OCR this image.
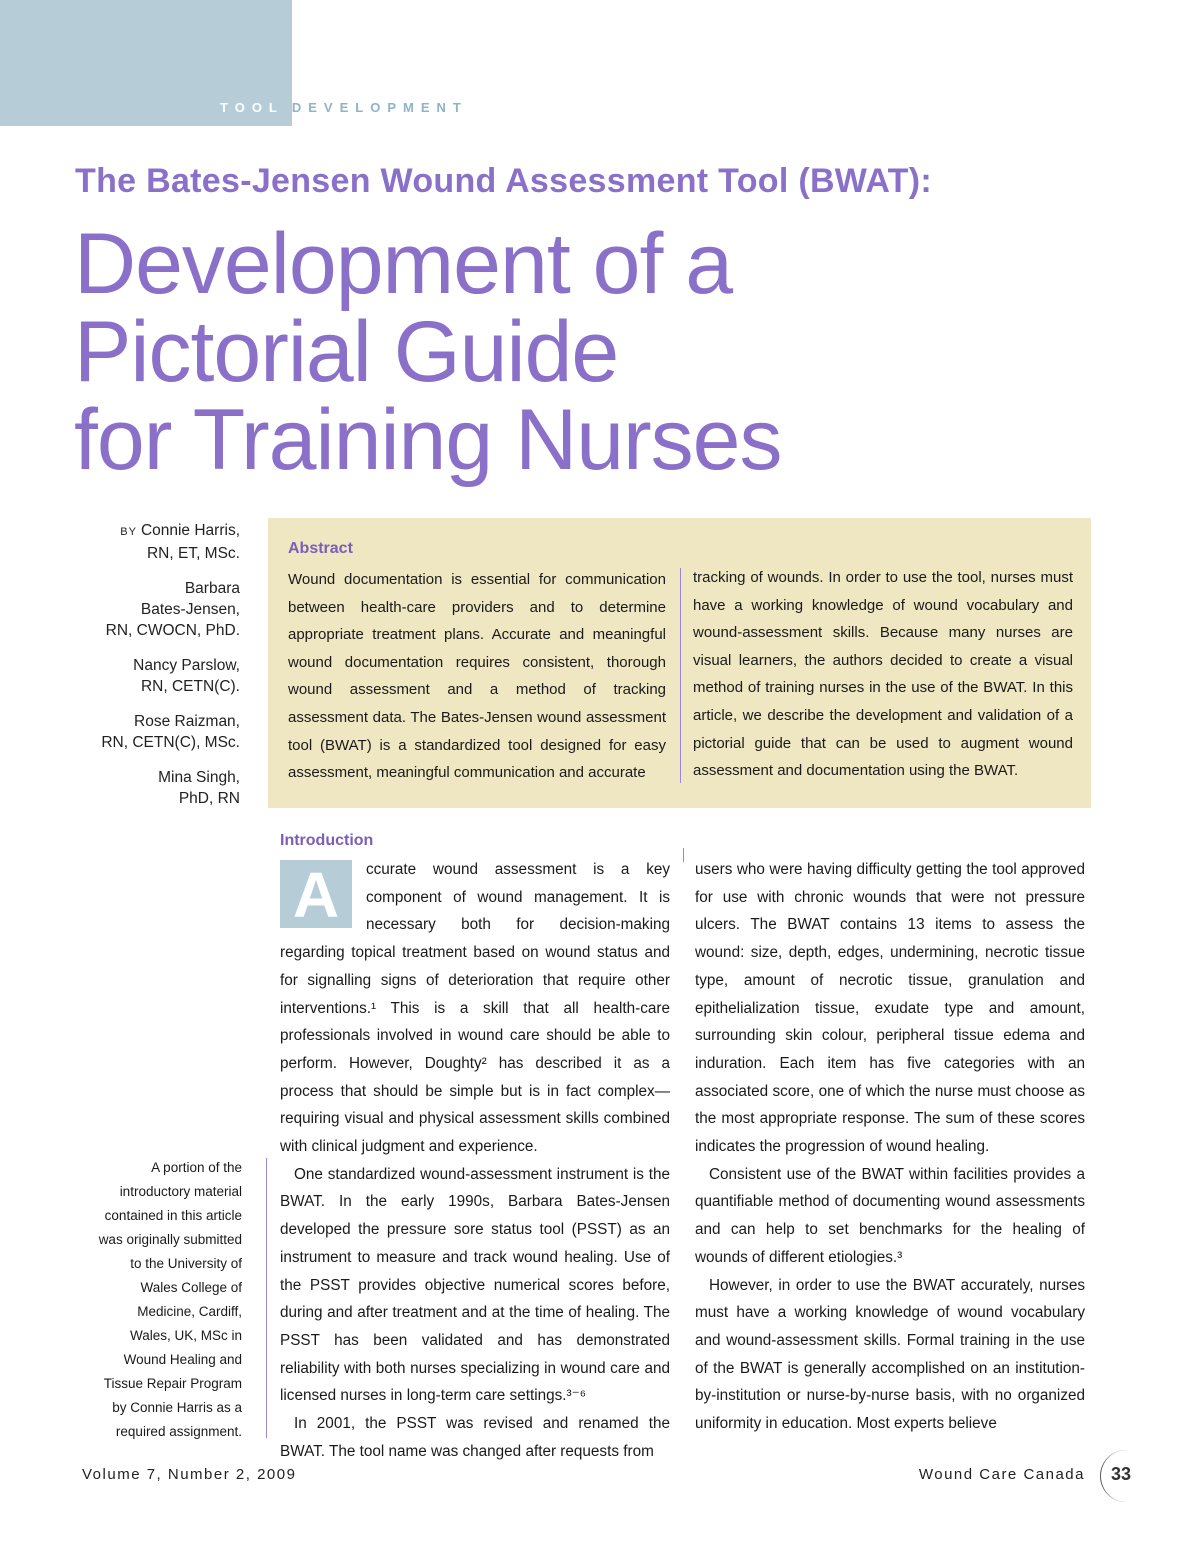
TOOL DEVELOPMENT
The Bates-Jensen Wound Assessment Tool (BWAT):
Development of a
Pictorial Guide
for Training Nurses
BY Connie Harris,
RN, ET, MSc.
Barbara
Bates-Jensen,
RN, CWOCN, PhD.
Nancy Parslow,
RN, CETN(C).
Rose Raizman,
RN, CETN(C), MSc.
Mina Singh,
PhD, RN
Abstract
Wound documentation is essential for communication between health-care providers and to determine appropriate treatment plans. Accurate and meaningful wound documentation requires consistent, thorough wound assessment and a method of tracking assessment data. The Bates-Jensen wound assessment tool (BWAT) is a standardized tool designed for easy assessment, meaningful communication and accurate
tracking of wounds. In order to use the tool, nurses must have a working knowledge of wound vocabulary and wound-assessment skills. Because many nurses are visual learners, the authors decided to create a visual method of training nurses in the use of the BWAT. In this article, we describe the development and validation of a pictorial guide that can be used to augment wound assessment and documentation using the BWAT.
Introduction
A	ccurate wound assessment is a key component of wound management. It is necessary both for decision-making regarding topical treatment based on wound status and for signalling signs of deterioration that require other interventions.¹ This is a skill that all health-care professionals involved in wound care should be able to perform. However, Doughty² has described it as a process that should be simple but is in fact complex—requiring visual and physical assessment skills combined with clinical judgment and experience.

One standardized wound-assessment instrument is the BWAT. In the early 1990s, Barbara Bates-Jensen developed the pressure sore status tool (PSST) as an instrument to measure and track wound healing. Use of the PSST provides objective numerical scores before, during and after treatment and at the time of healing. The PSST has been validated and has demonstrated reliability with both nurses specializing in wound care and licensed nurses in long-term care settings.³⁻⁶

In 2001, the PSST was revised and renamed the BWAT. The tool name was changed after requests from

users who were having difficulty getting the tool approved for use with chronic wounds that were not pressure ulcers. The BWAT contains 13 items to assess the wound: size, depth, edges, undermining, necrotic tissue type, amount of necrotic tissue, granulation and epithelialization tissue, exudate type and amount, surrounding skin colour, peripheral tissue edema and induration. Each item has five categories with an associated score, one of which the nurse must choose as the most appropriate response. The sum of these scores indicates the progression of wound healing.

Consistent use of the BWAT within facilities provides a quantifiable method of documenting wound assessments and can help to set benchmarks for the healing of wounds of different etiologies.³

However, in order to use the BWAT accurately, nurses must have a working knowledge of wound vocabulary and wound-assessment skills. Formal training in the use of the BWAT is generally accomplished on an institution-by-institution or nurse-by-nurse basis, with no organized uniformity in education. Most experts believe

A portion of the introductory material contained in this article was originally submitted to the University of Wales College of Medicine, Cardiff, Wales, UK, MSc in Wound Healing and Tissue Repair Program by Connie Harris as a required assignment.
Volume 7, Number 2, 2009	Wound Care Canada 33
